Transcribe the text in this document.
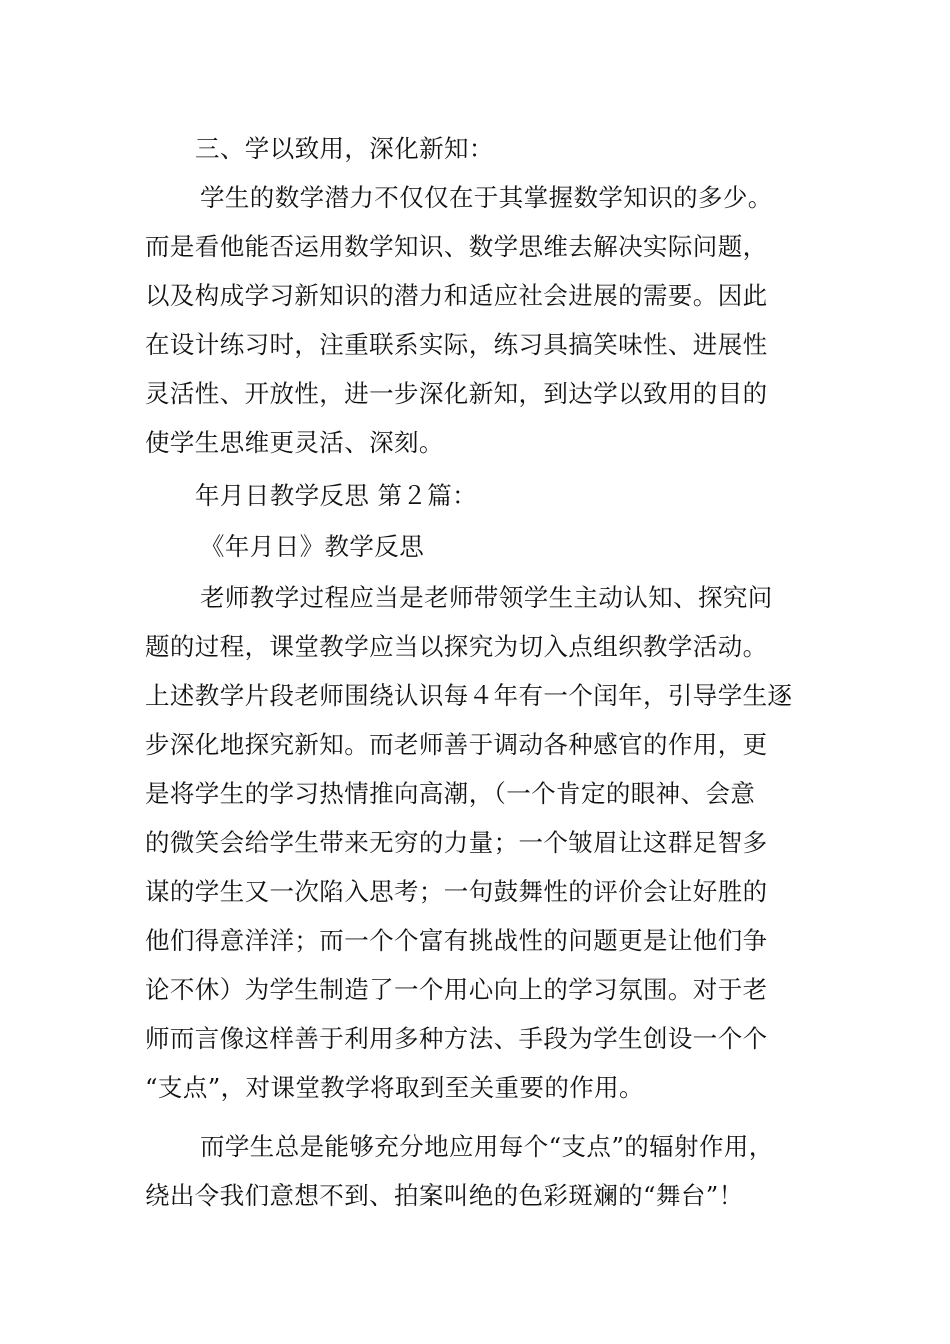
三、学以致用，深化新知：
学生的数学潜力不仅仅在于其掌握数学知识的多少。
而是看他能否运用数学知识、数学思维去解决实际问题，
以及构成学习新知识的潜力和适应社会进展的需要。因此
在设计练习时，注重联系实际，练习具搞笑味性、进展性
灵活性、开放性，进一步深化新知，到达学以致用的目的
使学生思维更灵活、深刻。
年月日教学反思 第２篇：
《年月日》教学反思
老师教学过程应当是老师带领学生主动认知、探究问
题的过程，课堂教学应当以探究为切入点组织教学活动。
上述教学片段老师围绕认识每４年有一个闰年，引导学生逐
步深化地探究新知。而老师善于调动各种感官的作用，更
是将学生的学习热情推向高潮，（一个肯定的眼神、会意
的微笑会给学生带来无穷的力量；一个皱眉让这群足智多
谋的学生又一次陷入思考；一句鼓舞性的评价会让好胜的
他们得意洋洋；而一个个富有挑战性的问题更是让他们争
论不休）为学生制造了一个用心向上的学习氛围。对于老
师而言像这样善于利用多种方法、手段为学生创设一个个
“支点”，对课堂教学将取到至关重要的作用。
而学生总是能够充分地应用每个“支点”的辐射作用，
绕出令我们意想不到、拍案叫绝的色彩斑斓的“舞台”！
